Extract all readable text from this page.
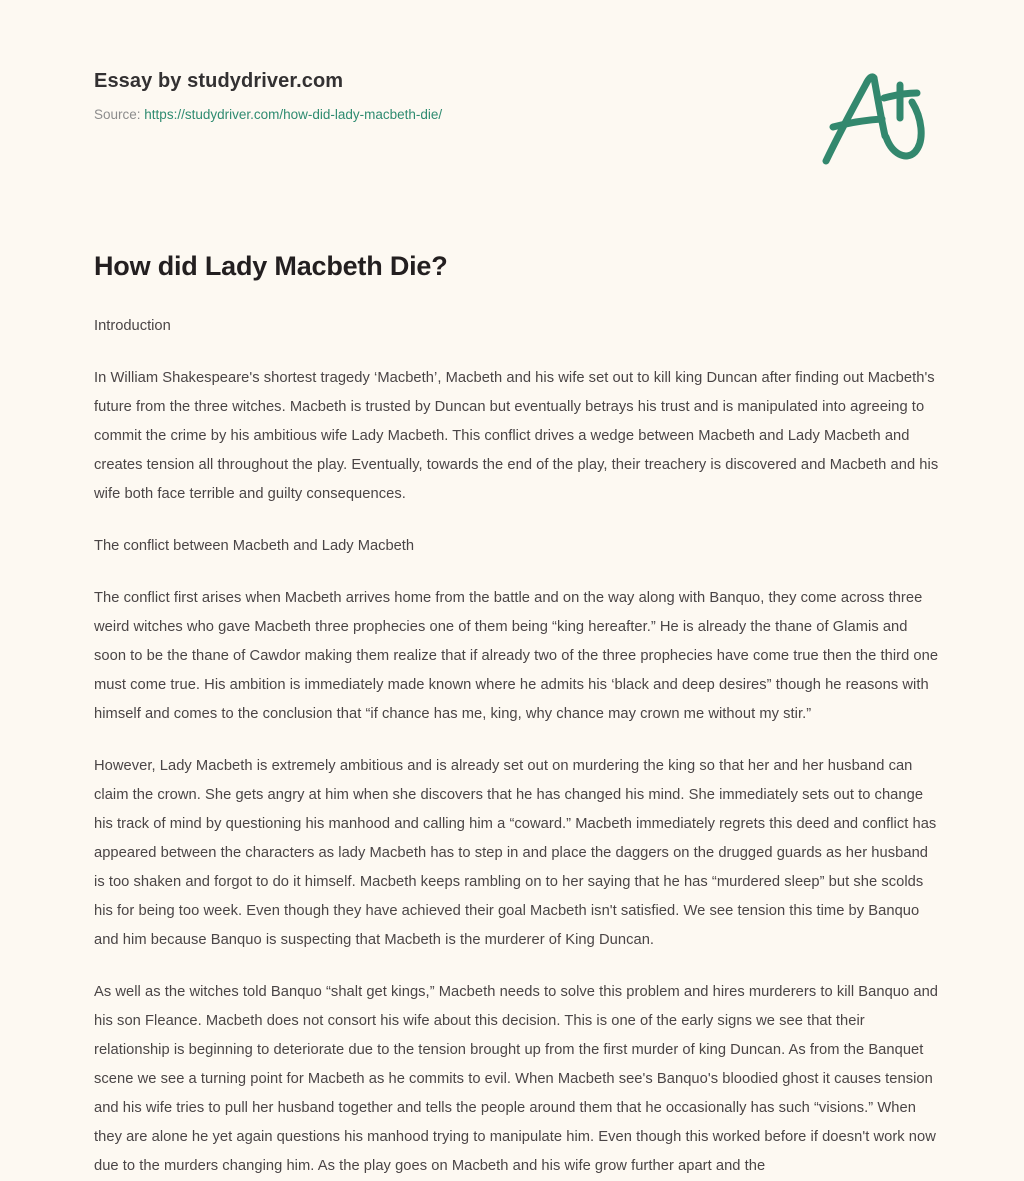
Essay by studydriver.com
Source: https://studydriver.com/how-did-lady-macbeth-die/
How did Lady Macbeth Die?

Introduction

In William Shakespeare's shortest tragedy ‘Macbeth’, Macbeth and his wife set out to kill king Duncan after finding out Macbeth's future from the three witches. Macbeth is trusted by Duncan but eventually betrays his trust and is manipulated into agreeing to commit the crime by his ambitious wife Lady Macbeth. This conflict drives a wedge between Macbeth and Lady Macbeth and creates tension all throughout the play. Eventually, towards the end of the play, their treachery is discovered and Macbeth and his wife both face terrible and guilty consequences.

The conflict between Macbeth and Lady Macbeth

The conflict first arises when Macbeth arrives home from the battle and on the way along with Banquo, they come across three weird witches who gave Macbeth three prophecies one of them being “king hereafter.” He is already the thane of Glamis and soon to be the thane of Cawdor making them realize that if already two of the three prophecies have come true then the third one must come true. His ambition is immediately made known where he admits his ‘black and deep desires” though he reasons with himself and comes to the conclusion that “if chance has me, king, why chance may crown me without my stir.”

However, Lady Macbeth is extremely ambitious and is already set out on murdering the king so that her and her husband can claim the crown. She gets angry at him when she discovers that he has changed his mind. She immediately sets out to change his track of mind by questioning his manhood and calling him a “coward.” Macbeth immediately regrets this deed and conflict has appeared between the characters as lady Macbeth has to step in and place the daggers on the drugged guards as her husband is too shaken and forgot to do it himself. Macbeth keeps rambling on to her saying that he has “murdered sleep” but she scolds his for being too week. Even though they have achieved their goal Macbeth isn't satisfied. We see tension this time by Banquo and him because Banquo is suspecting that Macbeth is the murderer of King Duncan.

As well as the witches told Banquo “shalt get kings,” Macbeth needs to solve this problem and hires murderers to kill Banquo and his son Fleance. Macbeth does not consort his wife about this decision. This is one of the early signs we see that their relationship is beginning to deteriorate due to the tension brought up from the first murder of king Duncan. As from the Banquet scene we see a turning point for Macbeth as he commits to evil. When Macbeth see's Banquo's bloodied ghost it causes tension and his wife tries to pull her husband together and tells the people around them that he occasionally has such “visions.” When they are alone he yet again questions his manhood trying to manipulate him. Even though this worked before if doesn't work now due to the murders changing him. As the play goes on Macbeth and his wife grow further apart and the
